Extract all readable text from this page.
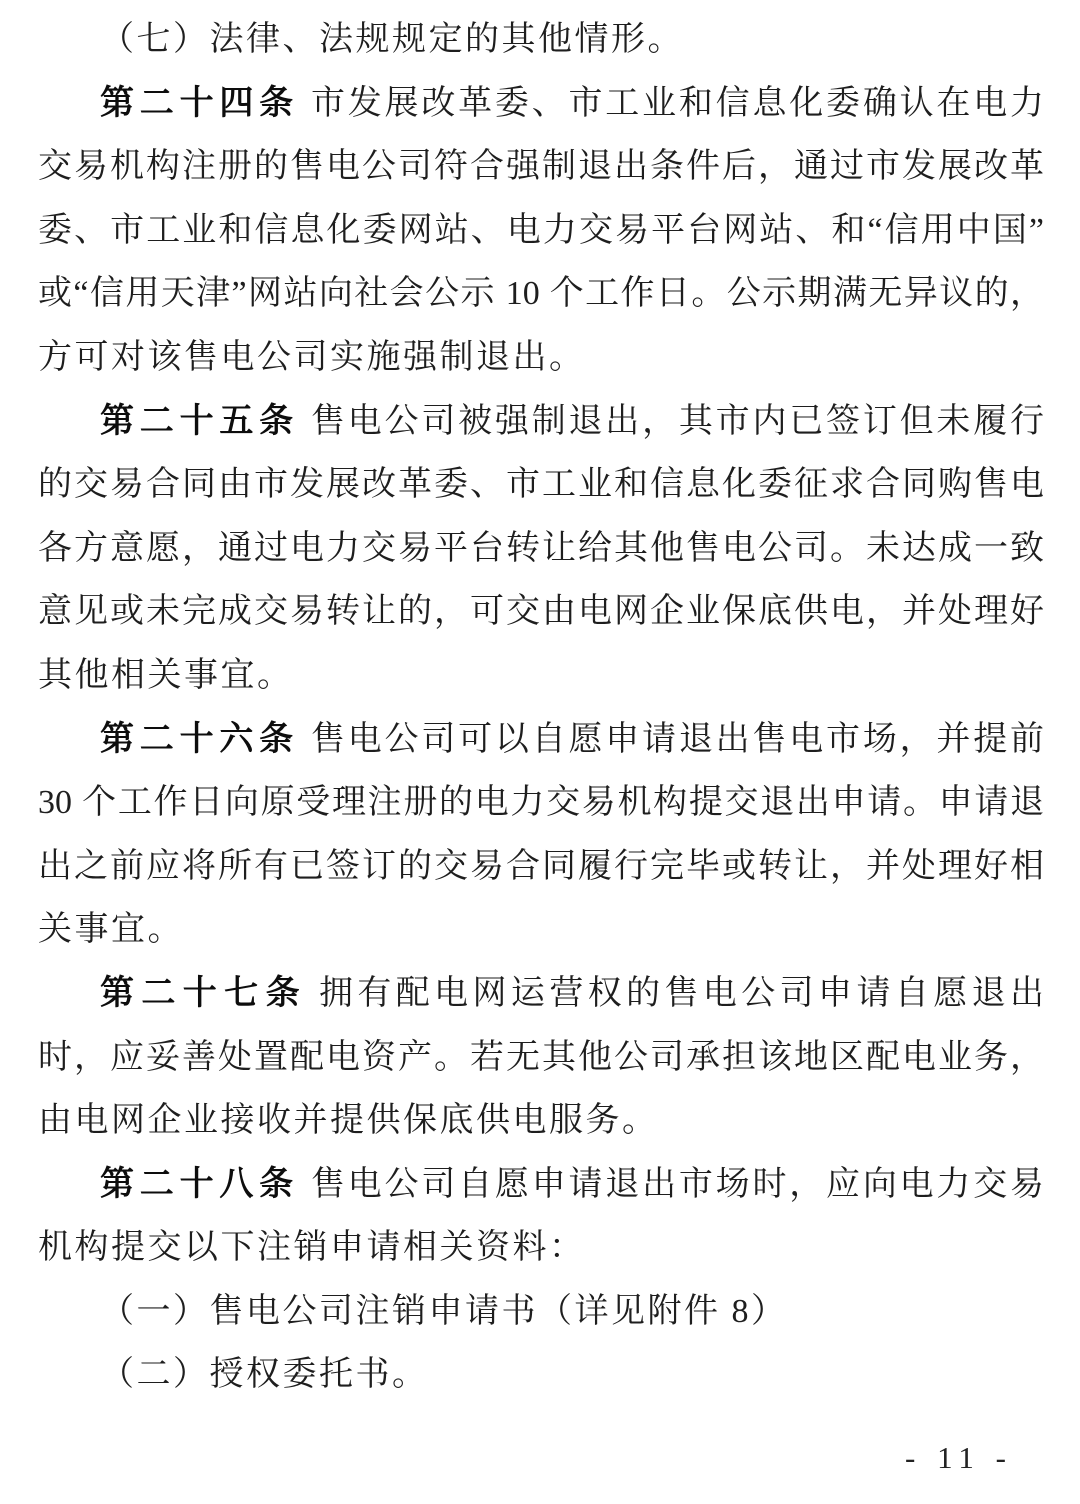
（七）法律、法规规定的其他情形。
第二十四条 市发展改革委、市工业和信息化委确认在电力
交易机构注册的售电公司符合强制退出条件后，通过市发展改革
委、市工业和信息化委网站、电力交易平台网站、和“信用中国”
或“信用天津”网站向社会公示 10 个工作日。公示期满无异议的，
方可对该售电公司实施强制退出。
第二十五条 售电公司被强制退出，其市内已签订但未履行
的交易合同由市发展改革委、市工业和信息化委征求合同购售电
各方意愿，通过电力交易平台转让给其他售电公司。未达成一致
意见或未完成交易转让的，可交由电网企业保底供电，并处理好
其他相关事宜。
第二十六条 售电公司可以自愿申请退出售电市场，并提前
30 个工作日向原受理注册的电力交易机构提交退出申请。申请退
出之前应将所有已签订的交易合同履行完毕或转让，并处理好相
关事宜。
第二十七条 拥有配电网运营权的售电公司申请自愿退出
时，应妥善处置配电资产。若无其他公司承担该地区配电业务，
由电网企业接收并提供保底供电服务。
第二十八条 售电公司自愿申请退出市场时，应向电力交易
机构提交以下注销申请相关资料：
（一）售电公司注销申请书（详见附件 8）
（二）授权委托书。
- 11 -
